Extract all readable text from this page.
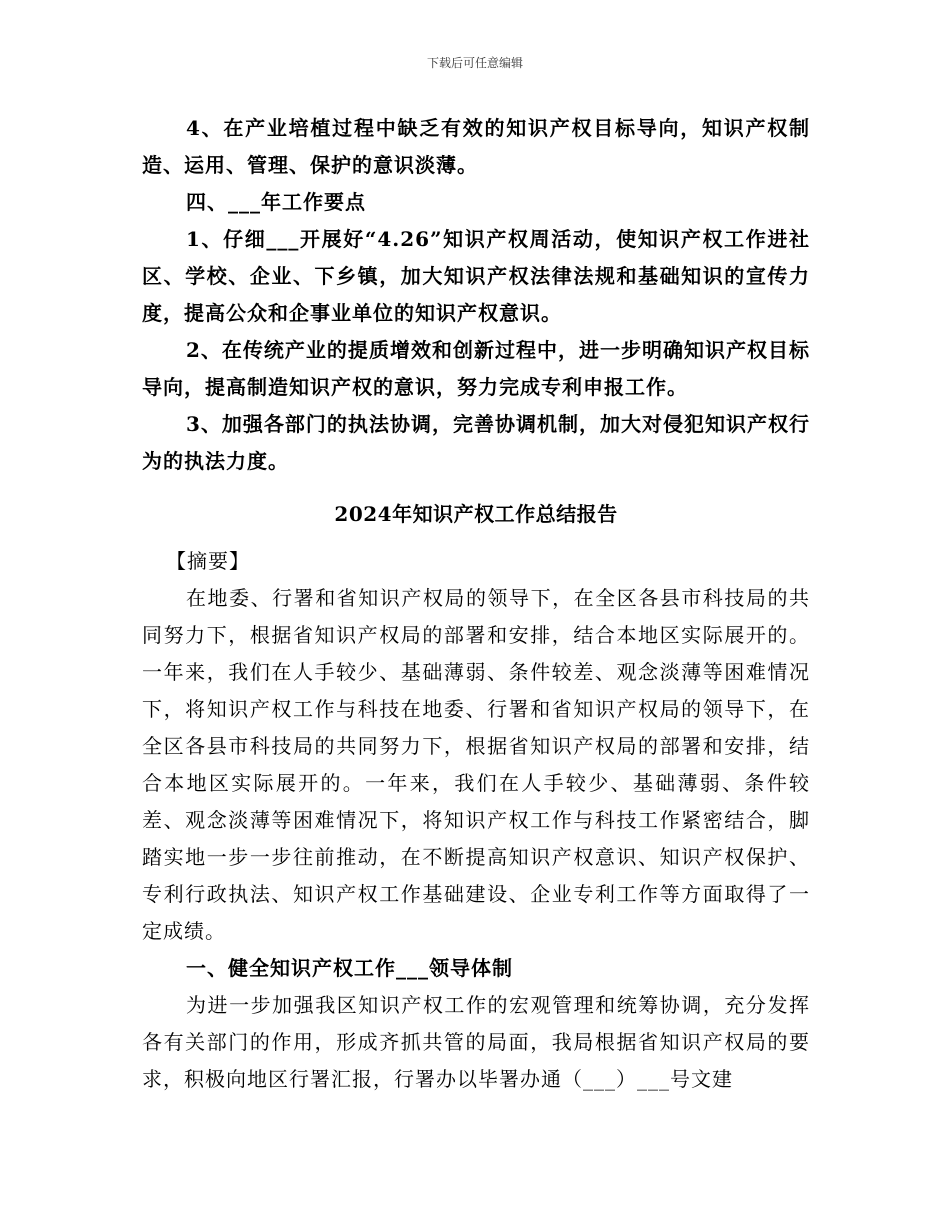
下载后可任意编辑

4、在产业培植过程中缺乏有效的知识产权目标导向，知识产权制造、运用、管理、保护的意识淡薄。

四、___年工作要点

1、仔细___开展好“4.26”知识产权周活动，使知识产权工作进社区、学校、企业、下乡镇，加大知识产权法律法规和基础知识的宣传力度，提高公众和企事业单位的知识产权意识。

2、在传统产业的提质增效和创新过程中，进一步明确知识产权目标导向，提高制造知识产权的意识，努力完成专利申报工作。

3、加强各部门的执法协调，完善协调机制，加大对侵犯知识产权行为的执法力度。

2024年知识产权工作总结报告

【摘要】

在地委、行署和省知识产权局的领导下，在全区各县市科技局的共同努力下，根据省知识产权局的部署和安排，结合本地区实际展开的。一年来，我们在人手较少、基础薄弱、条件较差、观念淡薄等困难情况下，将知识产权工作与科技在地委、行署和省知识产权局的领导下，在全区各县市科技局的共同努力下，根据省知识产权局的部署和安排，结合本地区实际展开的。一年来，我们在人手较少、基础薄弱、条件较差、观念淡薄等困难情况下，将知识产权工作与科技工作紧密结合，脚踏实地一步一步往前推动，在不断提高知识产权意识、知识产权保护、专利行政执法、知识产权工作基础建设、企业专利工作等方面取得了一定成绩。

一、健全知识产权工作___领导体制

为进一步加强我区知识产权工作的宏观管理和统筹协调，充分发挥各有关部门的作用，形成齐抓共管的局面，我局根据省知识产权局的要求，积极向地区行署汇报，行署办以毕署办通（___）___号文建
